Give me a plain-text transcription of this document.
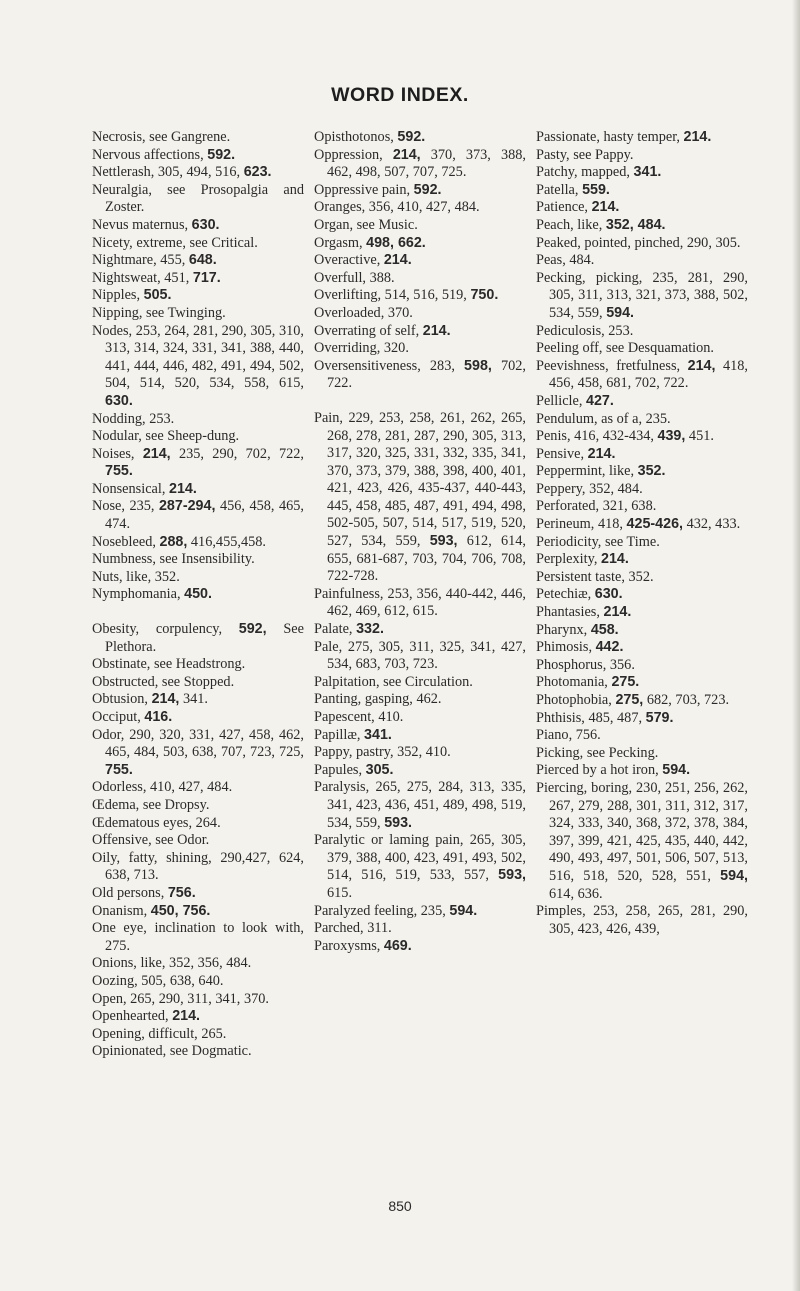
WORD INDEX.
Necrosis, see Gangrene.
Nervous affections, 592.
Nettlerash, 305, 494, 516, 623.
Neuralgia, see Prosopalgia and Zoster.
Nevus maternus, 630.
Nicety, extreme, see Critical.
Nightmare, 455, 648.
Nightsweat, 451, 717.
Nipples, 505.
Nipping, see Twinging.
Nodes, 253, 264, 281, 290, 305, 310, 313, 314, 324, 331, 341, 388, 440, 441, 444, 446, 482, 491, 494, 502, 504, 514, 520, 534, 558, 615, 630.
Nodding, 253.
Nodular, see Sheep-dung.
Noises, 214, 235, 290, 702, 722, 755.
Nonsensical, 214.
Nose, 235, 287-294, 456, 458, 465, 474.
Nosebleed, 288, 416,455,458.
Numbness, see Insensibility.
Nuts, like, 352.
Nymphomania, 450.
Obesity, corpulency, 592, See Plethora.
Obstinate, see Headstrong.
Obstructed, see Stopped.
Obtusion, 214, 341.
Occiput, 416.
Odor, 290, 320, 331, 427, 458, 462, 465, 484, 503, 638, 707, 723, 725, 755.
Odorless, 410, 427, 484.
Œdema, see Dropsy.
Œdematous eyes, 264.
Offensive, see Odor.
Oily, fatty, shining, 290,427, 624, 638, 713.
Old persons, 756.
Onanism, 450, 756.
One eye, inclination to look with, 275.
Onions, like, 352, 356, 484.
Oozing, 505, 638, 640.
Open, 265, 290, 311, 341, 370.
Openhearted, 214.
Opening, difficult, 265.
Opinionated, see Dogmatic.
Opisthotonos, 592.
Oppression, 214, 370, 373, 388, 462, 498, 507, 707, 725.
Oppressive pain, 592.
Oranges, 356, 410, 427, 484.
Organ, see Music.
Orgasm, 498, 662.
Overactive, 214.
Overfull, 388.
Overlifting, 514, 516, 519, 750.
Overloaded, 370.
Overrating of self, 214.
Overriding, 320.
Oversensitiveness, 283, 598, 702, 722.
Pain, 229, 253, 258, 261, 262, 265, 268, 278, 281, 287, 290, 305, 313, 317, 320, 325, 331, 332, 335, 341, 370, 373, 379, 388, 398, 400, 401, 421, 423, 426, 435-437, 440-443, 445, 458, 485, 487, 491, 494, 498, 502-505, 507, 514, 517, 519, 520, 527, 534, 559, 593, 612, 614, 655, 681-687, 703, 704, 706, 708, 722-728.
Painfulness, 253, 356, 440-442, 446, 462, 469, 612, 615.
Palate, 332.
Pale, 275, 305, 311, 325, 341, 427, 534, 683, 703, 723.
Palpitation, see Circulation.
Panting, gasping, 462.
Papescent, 410.
Papillæ, 341.
Pappy, pastry, 352, 410.
Papules, 305.
Paralysis, 265, 275, 284, 313, 335, 341, 423, 436, 451, 489, 498, 519, 534, 559, 593.
Paralytic or laming pain, 265, 305, 379, 388, 400, 423, 491, 493, 502, 514, 516, 519, 533, 557, 593, 615.
Paralyzed feeling, 235, 594.
Parched, 311.
Paroxysms, 469.
Passionate, hasty temper, 214.
Pasty, see Pappy.
Patchy, mapped, 341.
Patella, 559.
Patience, 214.
Peach, like, 352, 484.
Peaked, pointed, pinched, 290, 305.
Peas, 484.
Pecking, picking, 235, 281, 290, 305, 311, 313, 321, 373, 388, 502, 534, 559, 594.
Pediculosis, 253.
Peeling off, see Desquamation.
Peevishness, fretfulness, 214, 418, 456, 458, 681, 702, 722.
Pellicle, 427.
Pendulum, as of a, 235.
Penis, 416, 432-434, 439, 451.
Pensive, 214.
Peppermint, like, 352.
Peppery, 352, 484.
Perforated, 321, 638.
Perineum, 418, 425-426, 432, 433.
Periodicity, see Time.
Perplexity, 214.
Persistent taste, 352.
Petechiæ, 630.
Phantasies, 214.
Pharynx, 458.
Phimosis, 442.
Phosphorus, 356.
Photomania, 275.
Photophobia, 275, 682, 703, 723.
Phthisis, 485, 487, 579.
Piano, 756.
Picking, see Pecking.
Pierced by a hot iron, 594.
Piercing, boring, 230, 251, 256, 262, 267, 279, 288, 301, 311, 312, 317, 324, 333, 340, 368, 372, 378, 384, 397, 399, 421, 425, 435, 440, 442, 490, 493, 497, 501, 506, 507, 513, 516, 518, 520, 528, 551, 594, 614, 636.
Pimples, 253, 258, 265, 281, 290, 305, 423, 426, 439,
850
